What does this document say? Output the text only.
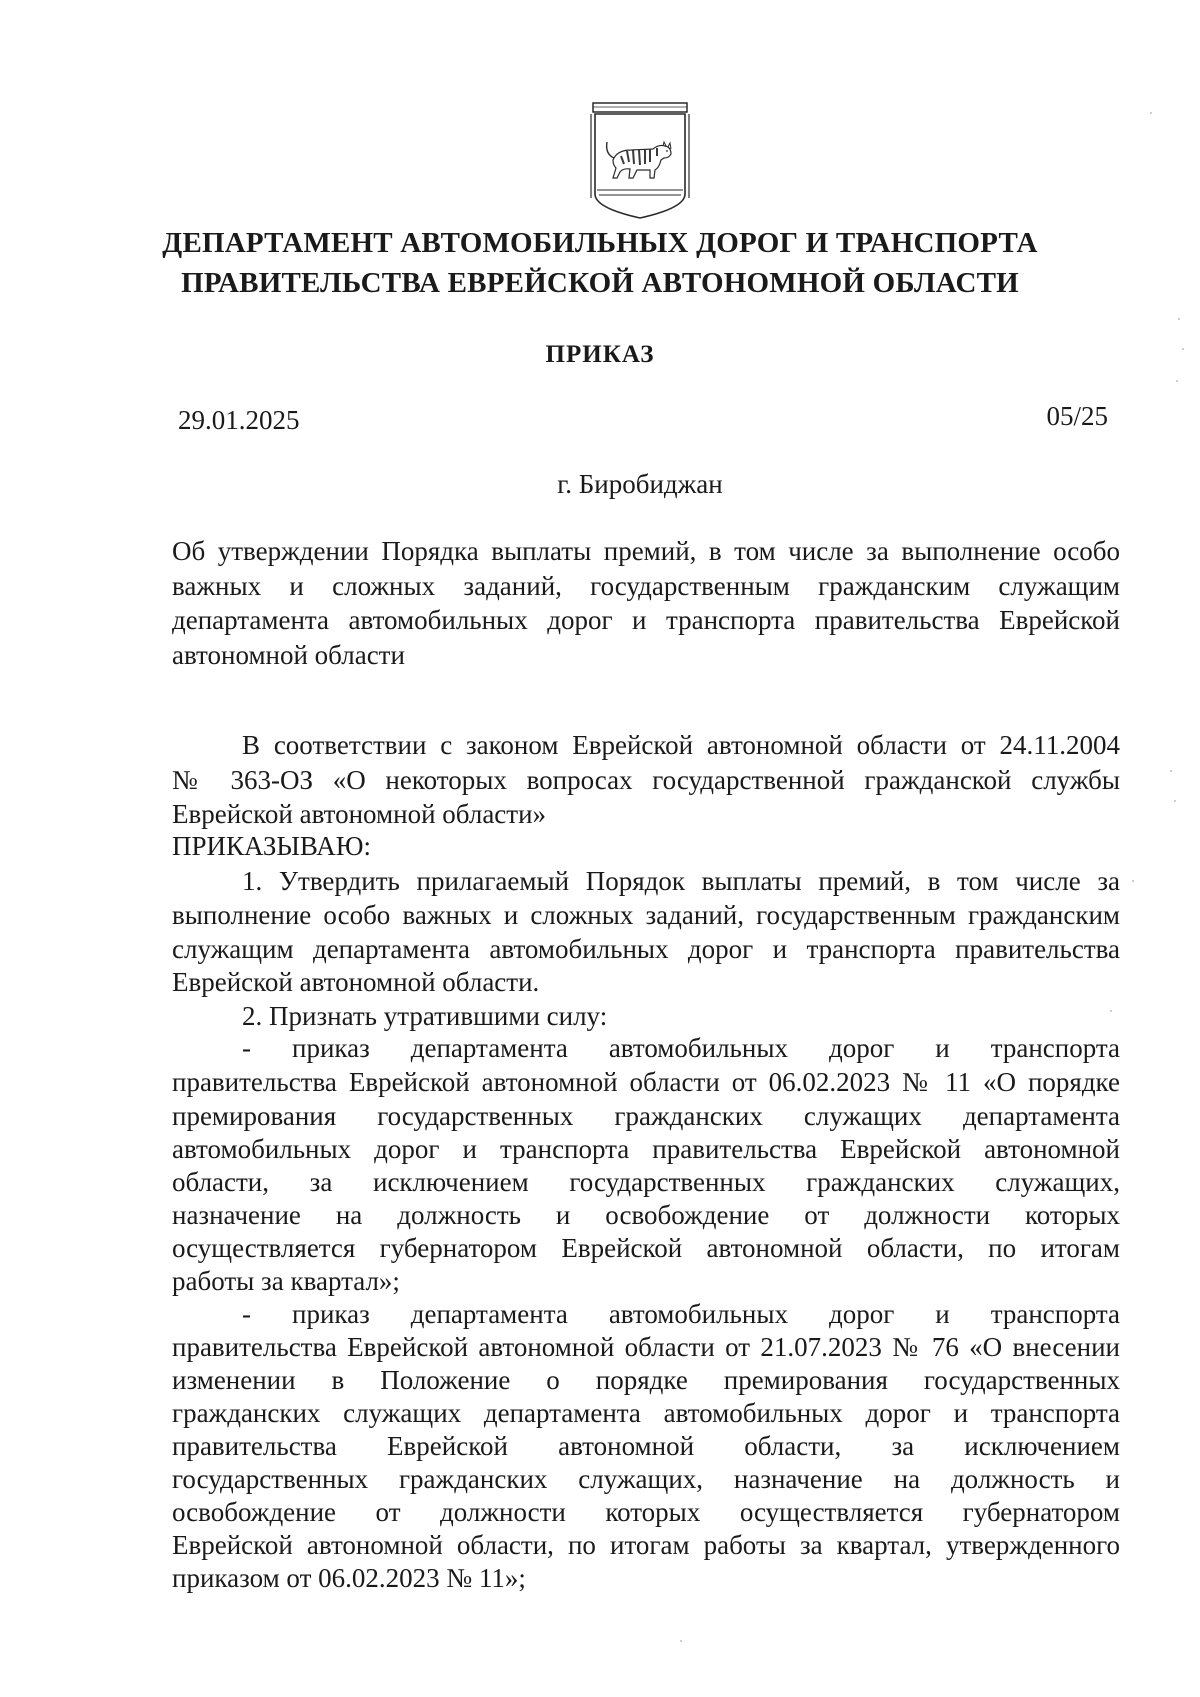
ДЕПАРТАМЕНТ АВТОМОБИЛЬНЫХ ДОРОГ И ТРАНСПОРТА
ПРАВИТЕЛЬСТВА ЕВРЕЙСКОЙ АВТОНОМНОЙ ОБЛАСТИ
ПРИКАЗ
29.01.2025	05/25
г. Биробиджан
Об утверждении Порядка выплаты премий, в том числе за выполнение особо
важных и сложных заданий, государственным гражданским служащим
департамента автомобильных дорог и транспорта правительства Еврейской
автономной области
В соответствии с законом Еврейской автономной области от 24.11.2004
№ 363-ОЗ «О некоторых вопросах государственной гражданской службы
Еврейской автономной области»
ПРИКАЗЫВАЮ:
1. Утвердить прилагаемый Порядок выплаты премий, в том числе за
выполнение особо важных и сложных заданий, государственным гражданским
служащим департамента автомобильных дорог и транспорта правительства
Еврейской автономной области.
2. Признать утратившими силу:
- приказ департамента автомобильных дорог и транспорта
правительства Еврейской автономной области от 06.02.2023 № 11 «О порядке
премирования государственных гражданских служащих департамента
автомобильных дорог и транспорта правительства Еврейской автономной
области, за исключением государственных гражданских служащих,
назначение на должность и освобождение от должности которых
осуществляется губернатором Еврейской автономной области, по итогам
работы за квартал»;
- приказ департамента автомобильных дорог и транспорта
правительства Еврейской автономной области от 21.07.2023 № 76 «О внесении
изменении в Положение о порядке премирования государственных
гражданских служащих департамента автомобильных дорог и транспорта
правительства Еврейской автономной области, за исключением
государственных гражданских служащих, назначение на должность и
освобождение от должности которых осуществляется губернатором
Еврейской автономной области, по итогам работы за квартал, утвержденного
приказом от 06.02.2023 № 11»;
